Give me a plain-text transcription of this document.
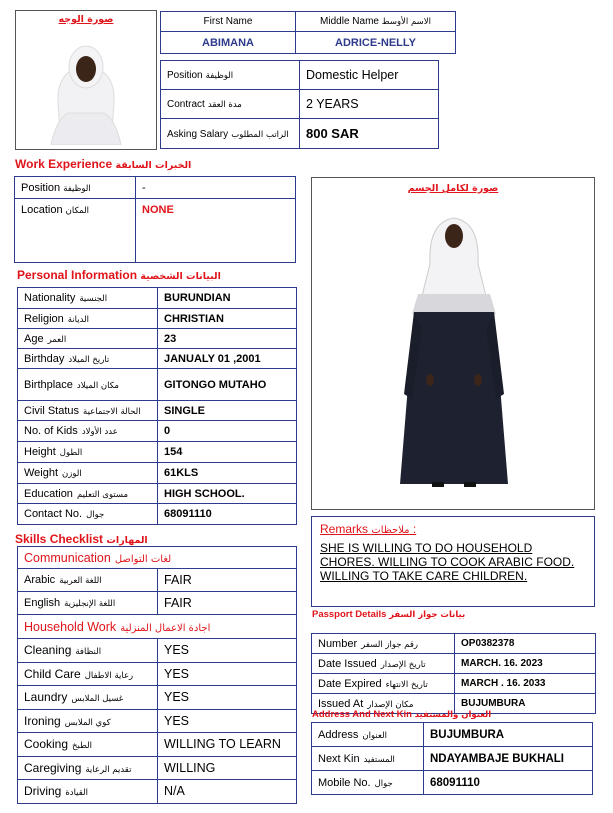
صورة الوجه	First Name	Middle Name الاسم الأوسط
ABIMANA	ADRICE-NELLY
Position الوظيفة	Domestic Helper
Contract مدة العقد	2 YEARS
Asking Salary الراتب المطلوب	800 SAR
Work Experience الخبرات السابقة
Position الوظيفة	-
Location المكان	NONE
Personal Information البيانات الشخصية
Nationality الجنسية	BURUNDIAN
Religion الديانة	CHRISTIAN
Age العمر	23
Birthday تاريخ الميلاد	JANUALY 01 ,2001
Birthplace مكان الميلاد	GITONGO MUTAHO
Civil Status الحالة الاجتماعية	SINGLE
No. of Kids عدد الأولاد	0
Height الطول	154
Weight الوزن	61KLS
Education مستوى التعليم	HIGH SCHOOL.
Contact No. جوال	68091110
صورة لكامل الجسم
Skills Checklist المهارات
Communication لغات التواصل	
Arabic اللغة العربية	FAIR
English اللغة الإنجليزية	FAIR
Household Work اجادة الاعمال المنزلية	
Cleaning النظافة	YES
Child Care رعاية الاطفال	YES
Laundry غسيل الملابس	YES
Ironing كوي الملابس	YES
Cooking الطبخ	WILLING TO LEARN
Caregiving تقديم الرعاية	WILLING
Driving القيادة	N/A
Remarks ملاحظات :
SHE IS WILLING TO DO HOUSEHOLD CHORES. WILLING TO COOK ARABIC FOOD. WILLING TO TAKE CARE CHILDREN.
Passport Details بيانات جواز السفر
Number رقم جواز السفر	OP0382378
Date Issued تاريخ الإصدار	MARCH. 16. 2023
Date Expired تاريخ الانتهاء	MARCH . 16. 2033
Issued At مكان الإصدار	BUJUMBURA
Address And Next Kin العنوان والمستفيد
Address العنوان	BUJUMBURA
Next Kin المستفيد	NDAYAMBAJE BUKHALI
Mobile No. جوال	68091110
